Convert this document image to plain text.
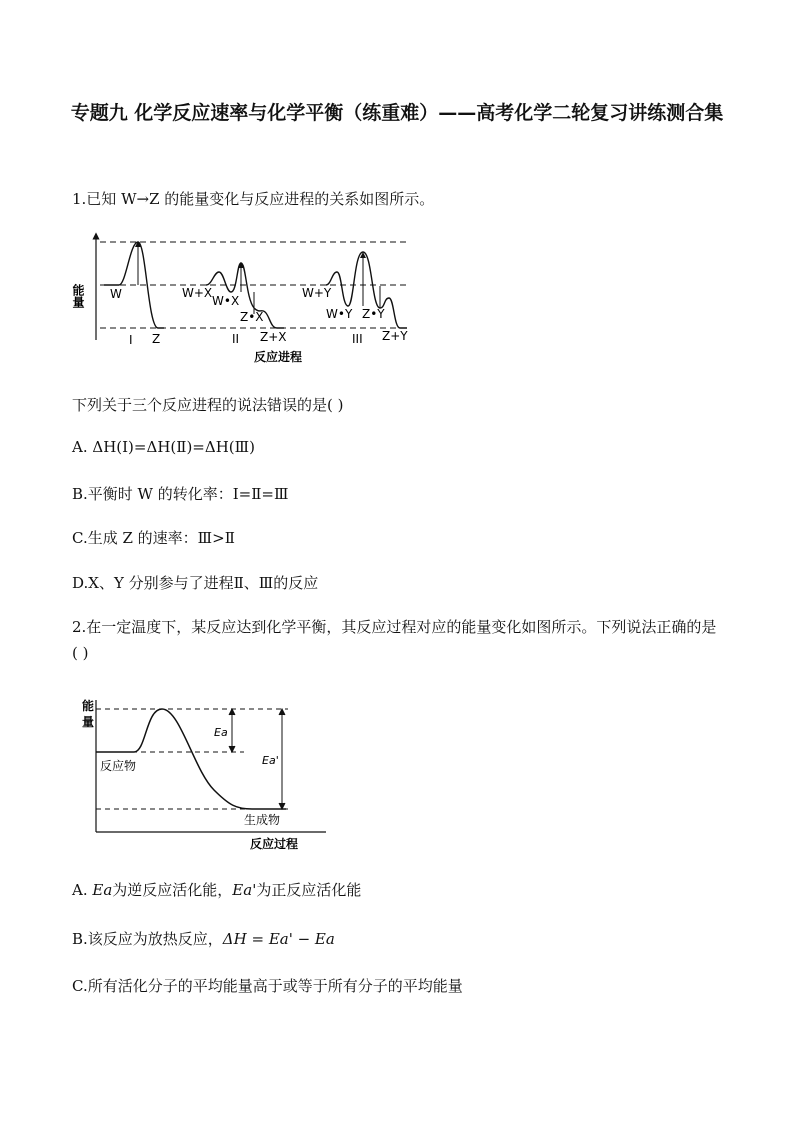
专题九 化学反应速率与化学平衡（练重难）——高考化学二轮复习讲练测合集
1.已知 W→Z 的能量变化与反应进程的关系如图所示。
能量 W
Z
I
W+X
W•X
Z•X
Z+X
II
W+Y
W•Y Z•Y
Z+Y
III
反应进程
下列关于三个反应进程的说法错误的是( )
A. ΔH(Ⅰ)=ΔH(Ⅱ)=ΔH(Ⅲ)
B.平衡时 W 的转化率：Ⅰ=Ⅱ=Ⅲ
C.生成 Z 的速率：Ⅲ>Ⅱ
D.X、Y 分别参与了进程Ⅱ、Ⅲ的反应
2.在一定温度下，某反应达到化学平衡，其反应过程对应的能量变化如图所示。下列说法正确的是( )
能
量
Ea
Ea'
反应物
生成物
反应过程
A. Ea为逆反应活化能，Ea'为正反应活化能
B.该反应为放热反应，ΔH = Ea' − Ea
C.所有活化分子的平均能量高于或等于所有分子的平均能量
